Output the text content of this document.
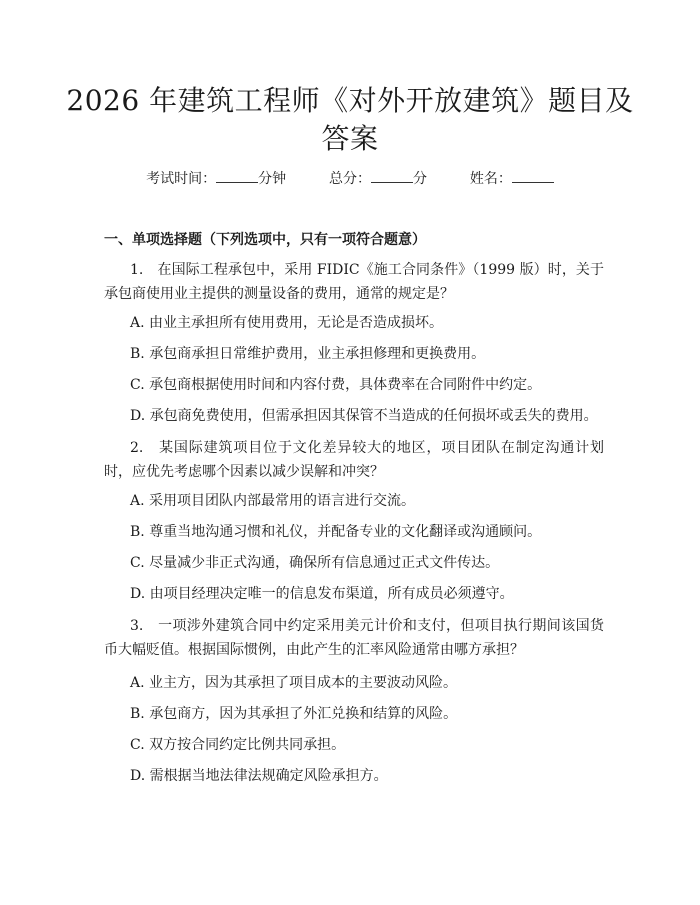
2026 年建筑工程师《对外开放建筑》题目及
答案
考试时间：	分钟	总分：	分	姓名：
一、单项选择题（下列选项中，只有一项符合题意）
1.　在国际工程承包中，采用 FIDIC《施工合同条件》（1999 版）时，关于承包商使用业主提供的测量设备的费用，通常的规定是？
A. 由业主承担所有使用费用，无论是否造成损坏。
B. 承包商承担日常维护费用，业主承担修理和更换费用。
C. 承包商根据使用时间和内容付费，具体费率在合同附件中约定。
D. 承包商免费使用，但需承担因其保管不当造成的任何损坏或丢失的费用。
2.　某国际建筑项目位于文化差异较大的地区，项目团队在制定沟通计划时，应优先考虑哪个因素以减少误解和冲突？
A. 采用项目团队内部最常用的语言进行交流。
B. 尊重当地沟通习惯和礼仪，并配备专业的文化翻译或沟通顾问。
C. 尽量减少非正式沟通，确保所有信息通过正式文件传达。
D. 由项目经理决定唯一的信息发布渠道，所有成员必须遵守。
3.　一项涉外建筑合同中约定采用美元计价和支付，但项目执行期间该国货币大幅贬值。根据国际惯例，由此产生的汇率风险通常由哪方承担？
A. 业主方，因为其承担了项目成本的主要波动风险。
B. 承包商方，因为其承担了外汇兑换和结算的风险。
C. 双方按合同约定比例共同承担。
D. 需根据当地法律法规确定风险承担方。
